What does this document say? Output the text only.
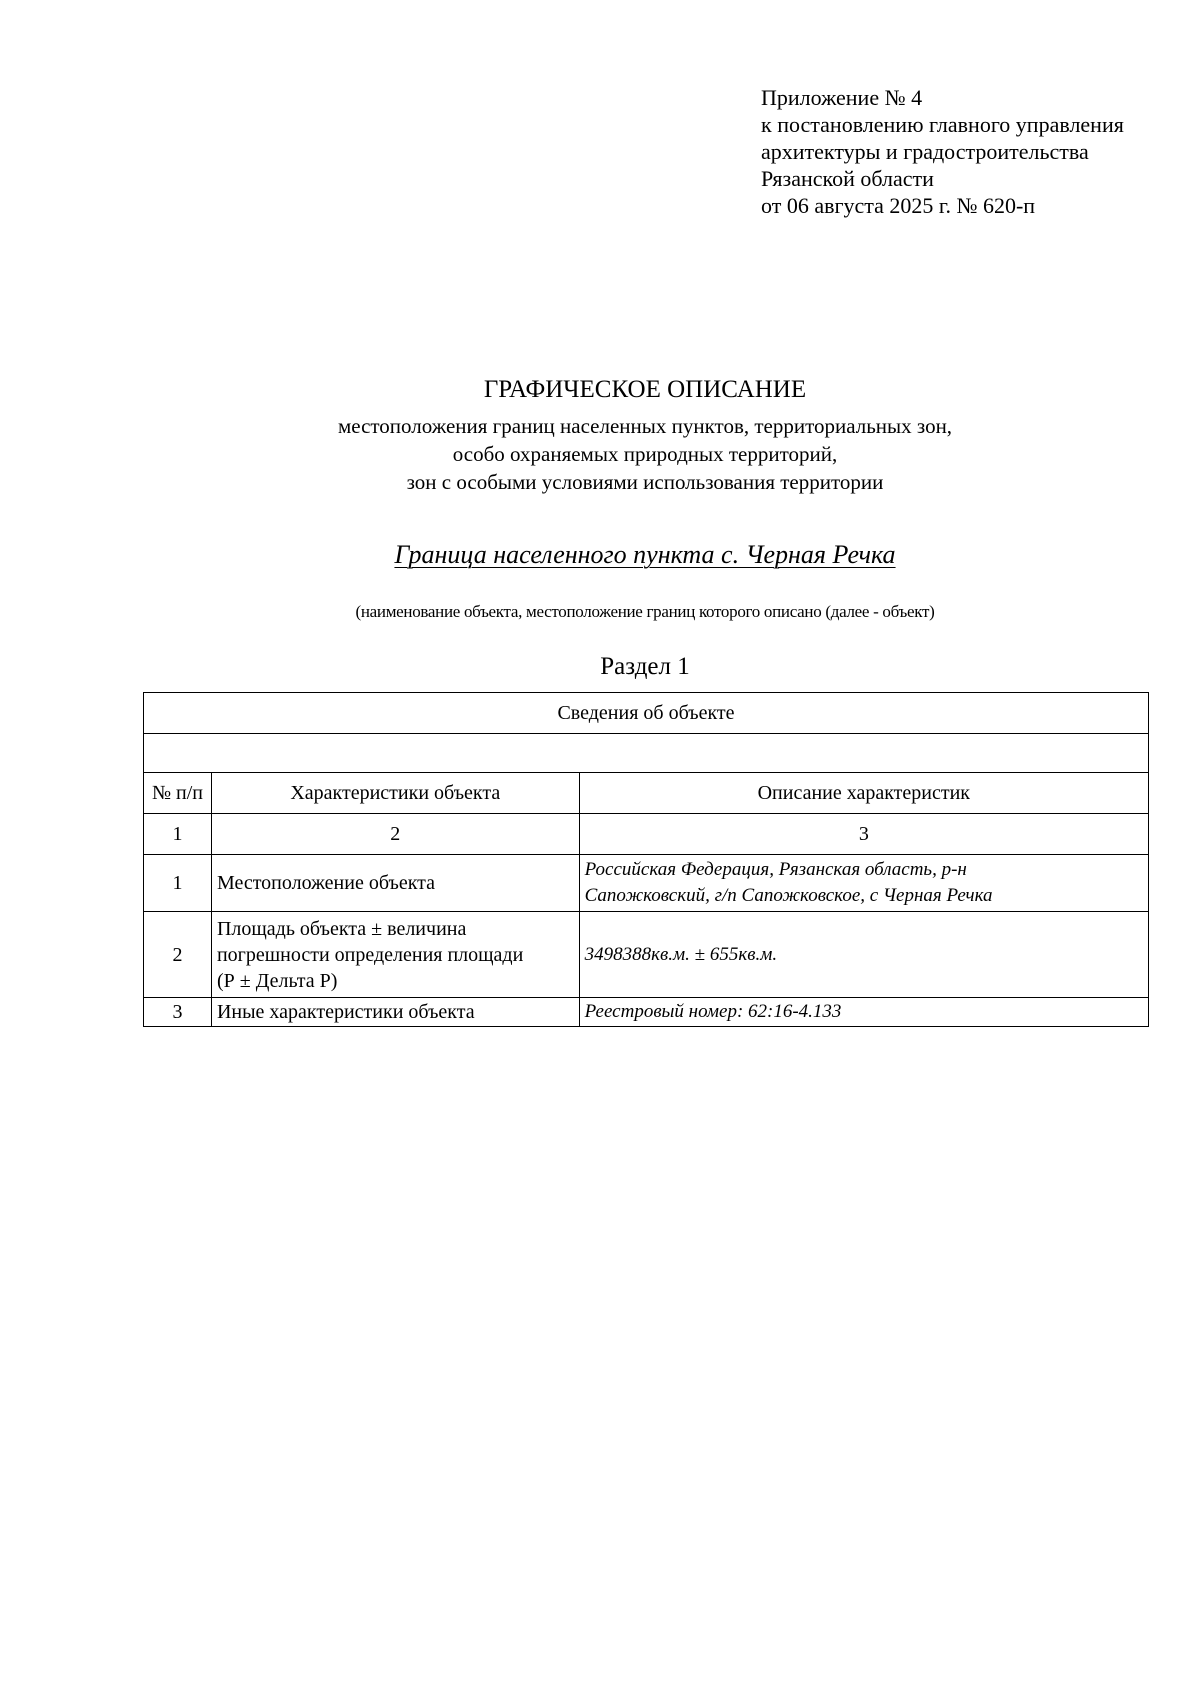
Приложение № 4
к постановлению главного управления
архитектуры и градостроительства
Рязанской области
от 06 августа 2025 г. № 620-п
ГРАФИЧЕСКОЕ ОПИСАНИЕ
местоположения границ населенных пунктов, территориальных зон,
особо охраняемых природных территорий,
зон с особыми условиями использования территории
Граница населенного пункта с. Черная Речка
(наименование объекта, местоположение границ которого описано (далее - объект)
Раздел 1
Сведения об объекте		

№ п/п	Характеристики объекта	Описание характеристик
1	2	3
1	Местоположение объекта	Российская Федерация, Рязанская область, р-н
Сапожковский, г/п Сапожковское, с Черная Речка

2	Площадь объекта ± величина
погрешности определения площади
(Р ± Дельта Р)	3498388кв.м. ± 655кв.м.
3	Иные характеристики объекта	Реестровый номер: 62:16-4.133
